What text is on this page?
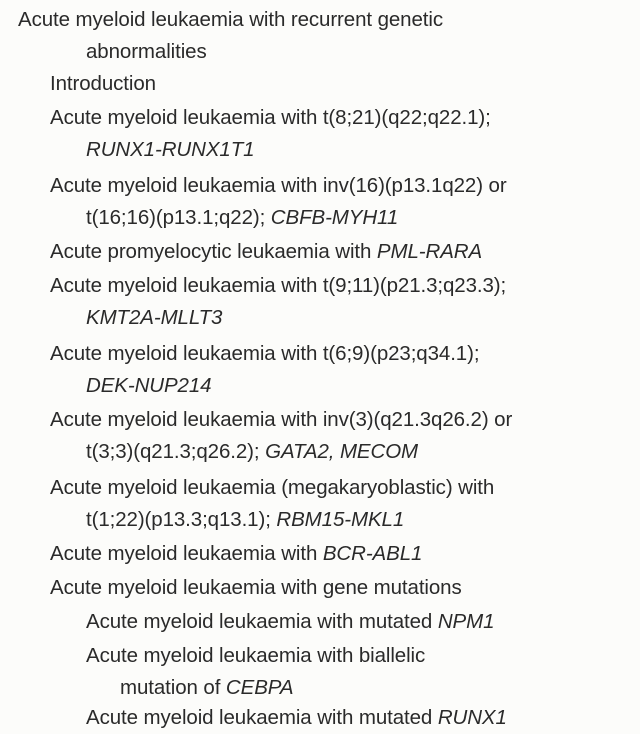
Acute myeloid leukaemia with recurrent genetic
abnormalities
Introduction
Acute myeloid leukaemia with t(8;21)(q22;q22.1);
RUNX1-RUNX1T1
Acute myeloid leukaemia with inv(16)(p13.1q22) or
t(16;16)(p13.1;q22); CBFB-MYH11
Acute promyelocytic leukaemia with PML-RARA
Acute myeloid leukaemia with t(9;11)(p21.3;q23.3);
KMT2A-MLLT3
Acute myeloid leukaemia with t(6;9)(p23;q34.1);
DEK-NUP214
Acute myeloid leukaemia with inv(3)(q21.3q26.2) or
t(3;3)(q21.3;q26.2); GATA2, MECOM
Acute myeloid leukaemia (megakaryoblastic) with
t(1;22)(p13.3;q13.1); RBM15-MKL1
Acute myeloid leukaemia with BCR-ABL1
Acute myeloid leukaemia with gene mutations
Acute myeloid leukaemia with mutated NPM1
Acute myeloid leukaemia with biallelic
mutation of CEBPA
Acute myeloid leukaemia with mutated RUNX1
